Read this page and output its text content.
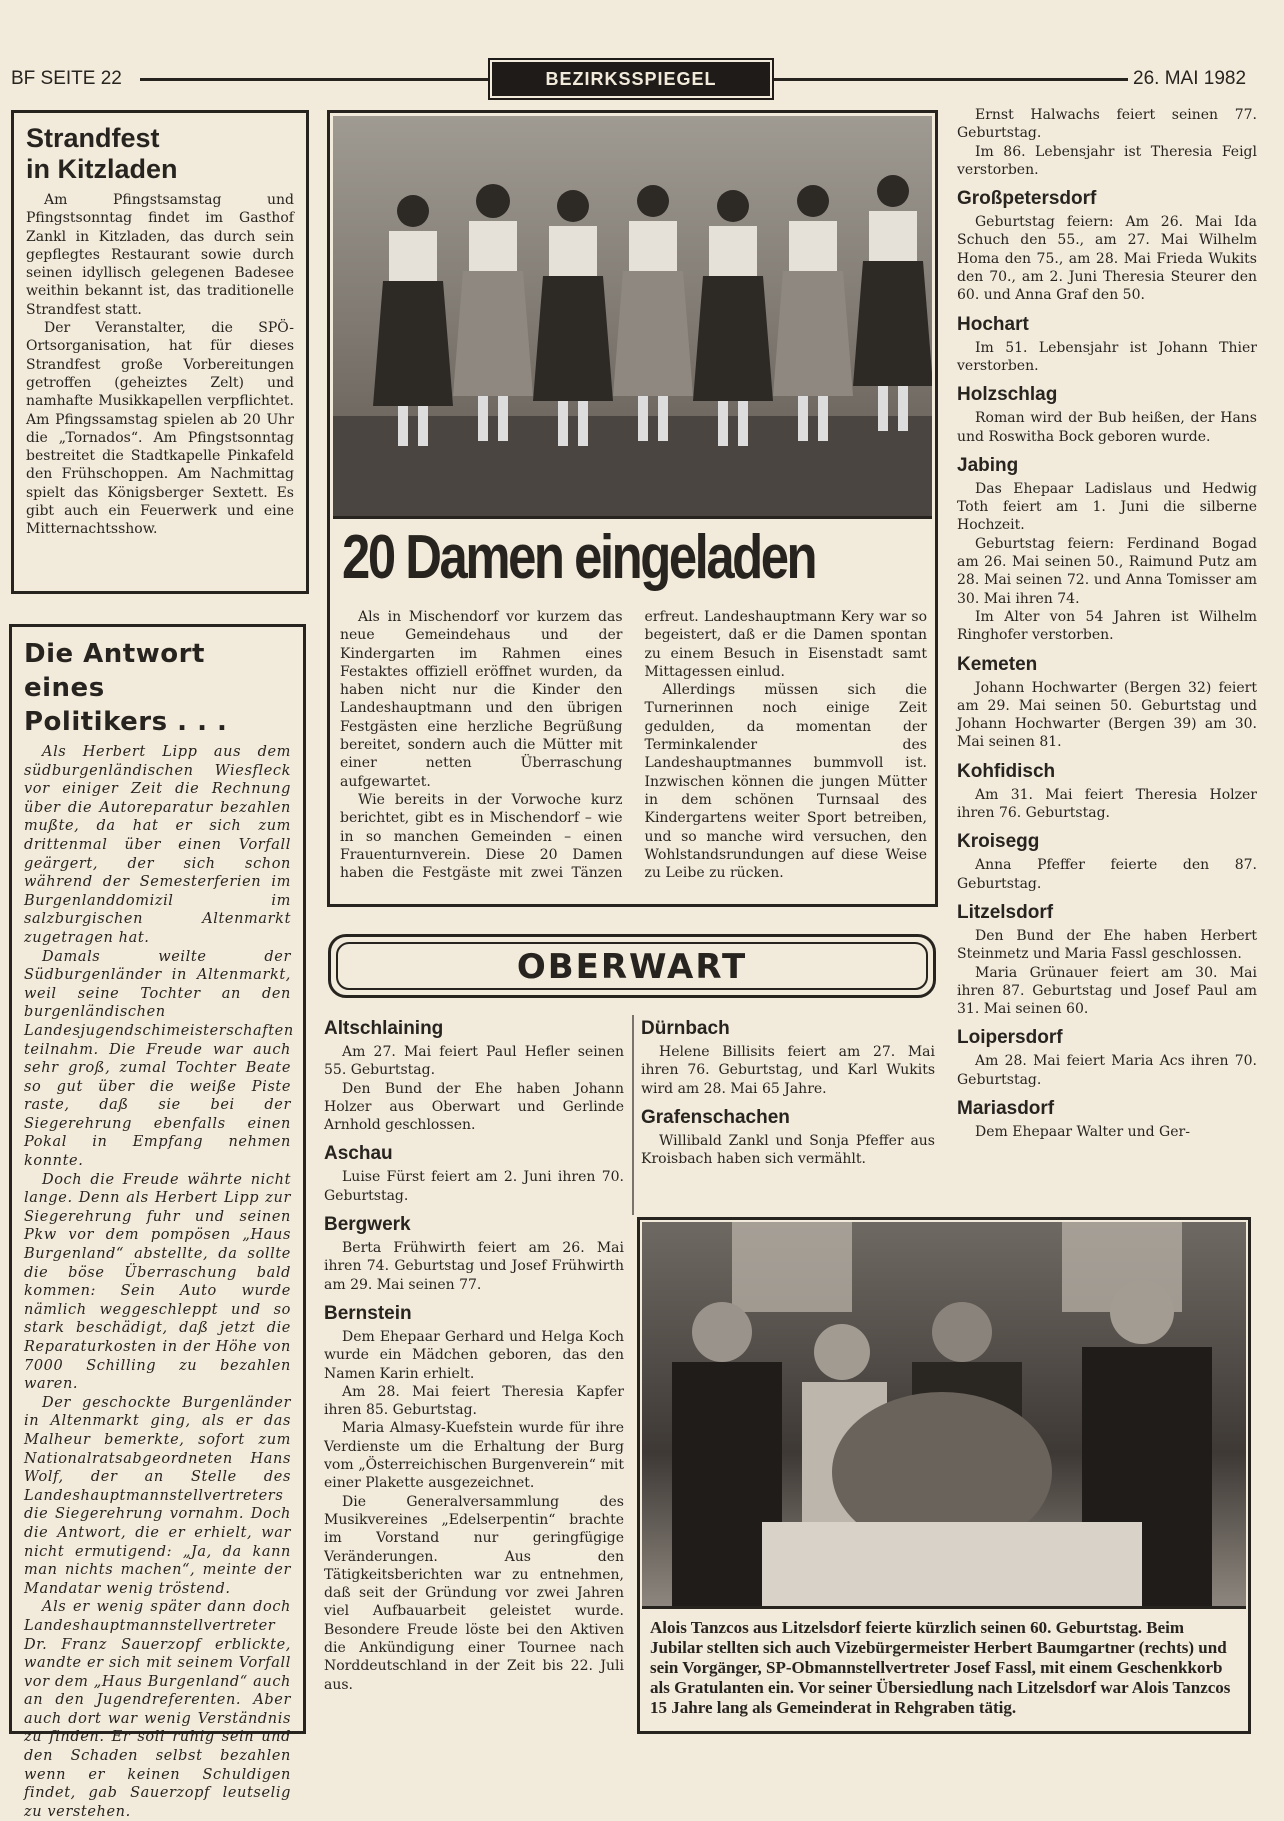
BF SEITE 22	BEZIRKSSPIEGEL	26. MAI 1982
Strandfest
in Kitzladen

Am Pfingstsamstag und Pfingstsonntag findet im Gasthof Zankl in Kitzladen, das durch sein gepflegtes Restaurant sowie durch seinen idyllisch gelegenen Badesee weithin bekannt ist, das traditionelle Strandfest statt.

Der Veranstalter, die SPÖ-Ortsorganisation, hat für dieses Strandfest große Vorbereitungen getroffen (geheiztes Zelt) und namhafte Musikkapellen verpflichtet. Am Pfingssamstag spielen ab 20 Uhr die „Tornados“. Am Pfingstsonntag bestreitet die Stadtkapelle Pinkafeld den Frühschoppen. Am Nachmittag spielt das Königsberger Sextett. Es gibt auch ein Feuerwerk und eine Mitternachtsshow.

Die Antwort eines
Politikers . . .

Als Herbert Lipp aus dem südburgenländischen Wiesfleck vor einiger Zeit die Rechnung über die Autoreparatur bezahlen mußte, da hat er sich zum drittenmal über einen Vorfall geärgert, der sich schon während der Semesterferien im Burgenlanddomizil im salzburgischen Altenmarkt zugetragen hat.

Damals weilte der Südburgenländer in Altenmarkt, weil seine Tochter an den burgenländischen Landesjugendschimeisterschaften teilnahm. Die Freude war auch sehr groß, zumal Tochter Beate so gut über die weiße Piste raste, daß sie bei der Siegerehrung ebenfalls einen Pokal in Empfang nehmen konnte.

Doch die Freude währte nicht lange. Denn als Herbert Lipp zur Siegerehrung fuhr und seinen Pkw vor dem pompösen „Haus Burgenland“ abstellte, da sollte die böse Überraschung bald kommen: Sein Auto wurde nämlich weggeschleppt und so stark beschädigt, daß jetzt die Reparaturkosten in der Höhe von 7000 Schilling zu bezahlen waren.

Der geschockte Burgenländer in Altenmarkt ging, als er das Malheur bemerkte, sofort zum Nationalratsabgeordneten Hans Wolf, der an Stelle des Landeshauptmannstellvertreters die Siegerehrung vornahm. Doch die Antwort, die er erhielt, war nicht ermutigend: „Ja, da kann man nichts machen“, meinte der Mandatar wenig tröstend.

Als er wenig später dann doch Landeshauptmannstellvertreter Dr. Franz Sauerzopf erblickte, wandte er sich mit seinem Vorfall vor dem „Haus Burgenland“ auch an den Jugendreferenten. Aber auch dort war wenig Verständnis zu finden. Er soll ruhig sein und den Schaden selbst bezahlen wenn er keinen Schuldigen findet, gab Sauerzopf leutselig zu verstehen.

20 Damen eingeladen

Als in Mischendorf vor kurzem das neue Gemeindehaus und der Kindergarten im Rahmen eines Festaktes offiziell eröffnet wurden, da haben nicht nur die Kinder den Landeshauptmann und den übrigen Festgästen eine herzliche Begrüßung bereitet, sondern auch die Mütter mit einer netten Überraschung aufgewartet.

Wie bereits in der Vorwoche kurz berichtet, gibt es in Mischendorf – wie in so manchen Gemeinden – einen Frauenturnverein. Diese 20 Damen haben die Festgäste mit zwei Tänzen erfreut. Landeshauptmann Kery war so begeistert, daß er die Damen spontan zu einem Besuch in Eisenstadt samt Mittagessen einlud.

Allerdings müssen sich die Turnerinnen noch einige Zeit gedulden, da momentan der Terminkalender des Landeshauptmannes bummvoll ist. Inzwischen können die jungen Mütter in dem schönen Turnsaal des Kindergartens weiter Sport betreiben, und so manche wird versuchen, den Wohlstandsrundungen auf diese Weise zu Leibe zu rücken.

OBERWART
Altschlaining

Am 27. Mai feiert Paul Hefler seinen 55. Geburtstag.

Den Bund der Ehe haben Johann Holzer aus Oberwart und Gerlinde Arnhold geschlossen.

Aschau

Luise Fürst feiert am 2. Juni ihren 70. Geburtstag.

Bergwerk

Berta Frühwirth feiert am 26. Mai ihren 74. Geburtstag und Josef Frühwirth am 29. Mai seinen 77.

Bernstein

Dem Ehepaar Gerhard und Helga Koch wurde ein Mädchen geboren, das den Namen Karin erhielt.

Am 28. Mai feiert Theresia Kapfer ihren 85. Geburtstag.

Maria Almasy-Kuefstein wurde für ihre Verdienste um die Erhaltung der Burg vom „Österreichischen Burgenverein“ mit einer Plakette ausgezeichnet.

Die Generalversammlung des Musikvereines „Edelserpentin“ brachte im Vorstand nur geringfügige Veränderungen. Aus den Tätigkeitsberichten war zu entnehmen, daß seit der Gründung vor zwei Jahren viel Aufbauarbeit geleistet wurde. Besondere Freude löste bei den Aktiven die Ankündigung einer Tournee nach Norddeutschland in der Zeit bis 22. Juli aus.

Dürnbach

Helene Billisits feiert am 27. Mai ihren 76. Geburtstag, und Karl Wukits wird am 28. Mai 65 Jahre.

Grafenschachen

Willibald Zankl und Sonja Pfeffer aus Kroisbach haben sich vermählt.

Alois Tanzcos aus Litzelsdorf feierte kürzlich seinen 60. Geburtstag. Beim Jubilar stellten sich auch Vizebürgermeister Herbert Baumgartner (rechts) und sein Vorgänger, SP-Obmannstellvertreter Josef Fassl, mit einem Geschenkkorb als Gratulanten ein. Vor seiner Übersiedlung nach Litzelsdorf war Alois Tanzcos 15 Jahre lang als Gemeinderat in Rehgraben tätig.

Ernst Halwachs feiert seinen 77. Geburtstag.

Im 86. Lebensjahr ist Theresia Feigl verstorben.

Großpetersdorf

Geburtstag feiern: Am 26. Mai Ida Schuch den 55., am 27. Mai Wilhelm Homa den 75., am 28. Mai Frieda Wukits den 70., am 2. Juni Theresia Steurer den 60. und Anna Graf den 50.

Hochart

Im 51. Lebensjahr ist Johann Thier verstorben.

Holzschlag

Roman wird der Bub heißen, der Hans und Roswitha Bock geboren wurde.

Jabing

Das Ehepaar Ladislaus und Hedwig Toth feiert am 1. Juni die silberne Hochzeit.

Geburtstag feiern: Ferdinand Bogad am 26. Mai seinen 50., Raimund Putz am 28. Mai seinen 72. und Anna Tomisser am 30. Mai ihren 74.

Im Alter von 54 Jahren ist Wilhelm Ringhofer verstorben.

Kemeten

Johann Hochwarter (Bergen 32) feiert am 29. Mai seinen 50. Geburtstag und Johann Hochwarter (Bergen 39) am 30. Mai seinen 81.

Kohfidisch

Am 31. Mai feiert Theresia Holzer ihren 76. Geburtstag.

Kroisegg

Anna Pfeffer feierte den 87. Geburtstag.

Litzelsdorf

Den Bund der Ehe haben Herbert Steinmetz und Maria Fassl geschlossen.

Maria Grünauer feiert am 30. Mai ihren 87. Geburtstag und Josef Paul am 31. Mai seinen 60.

Loipersdorf

Am 28. Mai feiert Maria Acs ihren 70. Geburtstag.

Mariasdorf

Dem Ehepaar Walter und Ger-
